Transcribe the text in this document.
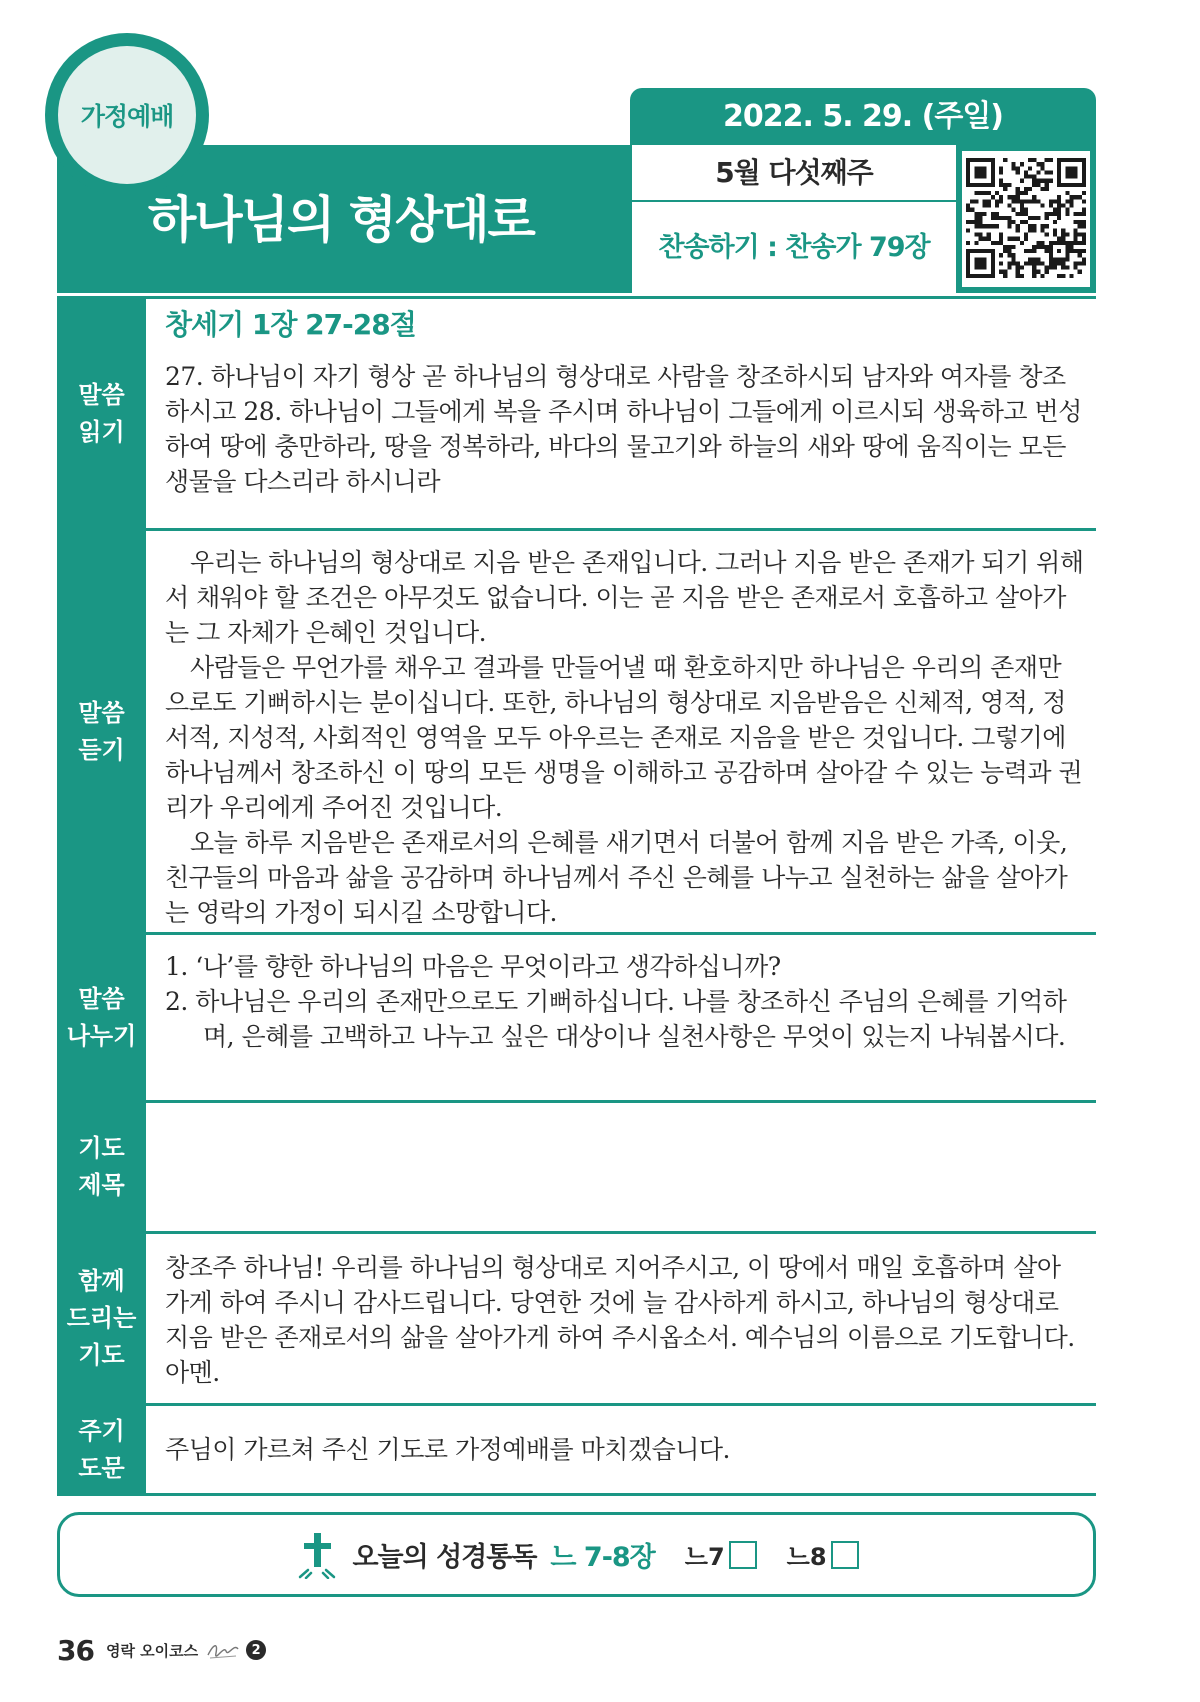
가정예배
하나님의 형상대로
2022. 5. 29. (주일)
5월 다섯째주
찬송하기 : 찬송가 79장
말씀
읽기
창세기 1장 27-28절

27. 하나님이 자기 형상 곧 하나님의 형상대로 사람을 창조하시되 남자와 여자를 창조하시고 28. 하나님이 그들에게 복을 주시며 하나님이 그들에게 이르시되 생육하고 번성하여 땅에 충만하라, 땅을 정복하라, 바다의 물고기와 하늘의 새와 땅에 움직이는 모든 생물을 다스리라 하시니라

말씀
듣기

우리는 하나님의 형상대로 지음 받은 존재입니다. 그러나 지음 받은 존재가 되기 위해서 채워야 할 조건은 아무것도 없습니다. 이는 곧 지음 받은 존재로서 호흡하고 살아가는 그 자체가 은혜인 것입니다.

사람들은 무언가를 채우고 결과를 만들어낼 때 환호하지만 하나님은 우리의 존재만으로도 기뻐하시는 분이십니다. 또한, 하나님의 형상대로 지음받음은 신체적, 영적, 정서적, 지성적, 사회적인 영역을 모두 아우르는 존재로 지음을 받은 것입니다. 그렇기에 하나님께서 창조하신 이 땅의 모든 생명을 이해하고 공감하며 살아갈 수 있는 능력과 권리가 우리에게 주어진 것입니다.

오늘 하루 지음받은 존재로서의 은혜를 새기면서 더불어 함께 지음 받은 가족, 이웃, 친구들의 마음과 삶을 공감하며 하나님께서 주신 은혜를 나누고 실천하는 삶을 살아가는 영락의 가정이 되시길 소망합니다.

말씀
나누기
1. ‘나’를 향한 하나님의 마음은 무엇이라고 생각하십니까?
2. 하나님은 우리의 존재만으로도 기뻐하십니다. 나를 창조하신 주님의 은혜를 기억하며, 은혜를 고백하고 나누고 싶은 대상이나 실천사항은 무엇이 있는지 나눠봅시다.
기도
제목
함께
드리는
기도

창조주 하나님! 우리를 하나님의 형상대로 지어주시고, 이 땅에서 매일 호흡하며 살아가게 하여 주시니 감사드립니다. 당연한 것에 늘 감사하게 하시고, 하나님의 형상대로 지음 받은 존재로서의 삶을 살아가게 하여 주시옵소서. 예수님의 이름으로 기도합니다. 아멘.

주기
도문

주님이 가르쳐 주신 기도로 가정예배를 마치겠습니다.

오늘의 성경통독 느 7-8장 느7	느8
36 영락 오이코스	2
